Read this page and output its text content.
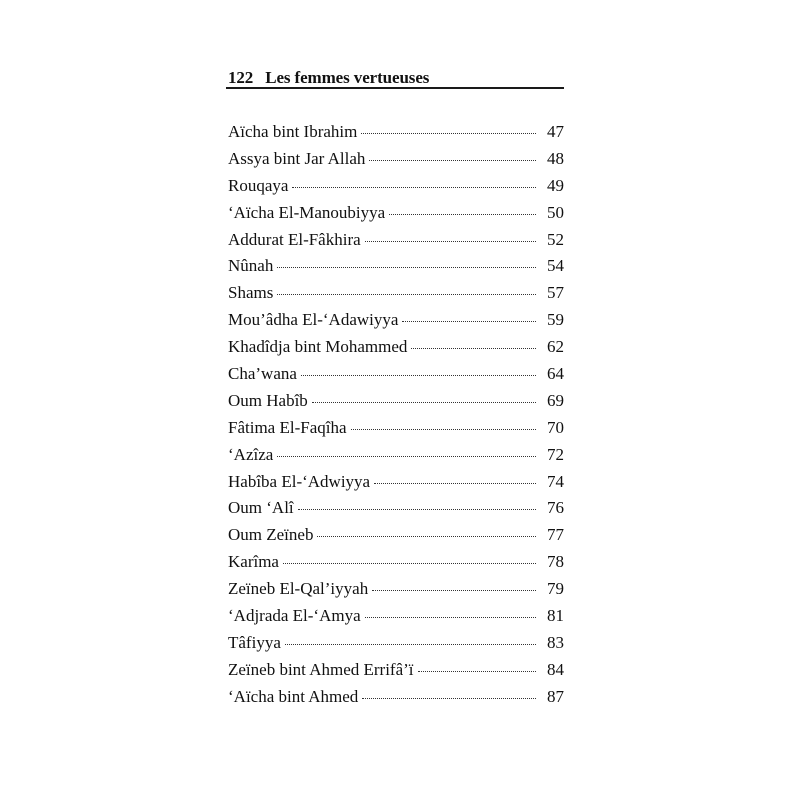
122 Les femmes vertueuses
Aïcha bint Ibrahim	47
Assya bint Jar Allah	48
Rouqaya	49
‘Aïcha El-Manoubiyya	50
Addurat El-Fâkhira	52
Nûnah	54
Shams	57
Mou’âdha El-‘Adawiyya	59
Khadîdja bint Mohammed	62
Cha’wana	64
Oum Habîb	69
Fâtima El-Faqîha	70
‘Azîza	72
Habîba El-‘Adwiyya	74
Oum ‘Alî	76
Oum Zeïneb	77
Karîma	78
Zeïneb El-Qal’iyyah	79
‘Adjrada El-‘Amya	81
Tâfiyya	83
Zeïneb bint Ahmed Errifâ’ï	84
‘Aïcha bint Ahmed	87
